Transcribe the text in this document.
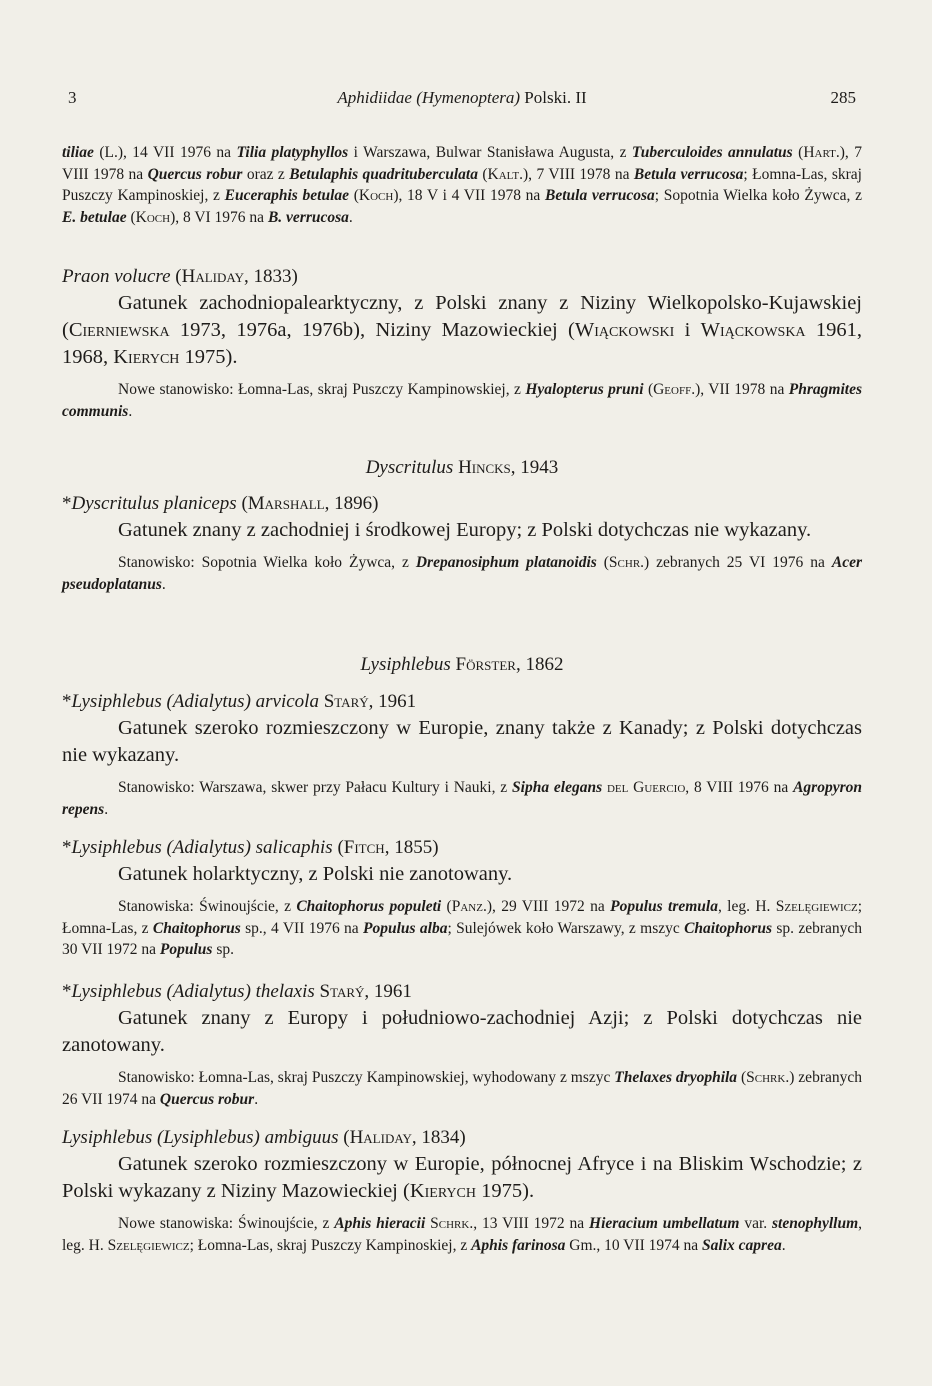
3	Aphidiidae (Hymenoptera) Polski. II	285
tiliae (L.), 14 VII 1976 na Tilia platyphyllos i Warszawa, Bulwar Stanisława Augusta, z Tuberculoides annulatus (Hart.), 7 VIII 1978 na Quercus robur oraz z Betulaphis quadrituberculata (Kalt.), 7 VIII 1978 na Betula verrucosa; Łomna-Las, skraj Puszczy Kampinoskiej, z Euceraphis betulae (Koch), 18 V i 4 VII 1978 na Betula verrucosa; Sopotnia Wielka koło Żywca, z E. betulae (Koch), 8 VI 1976 na B. verrucosa.
Praon volucre (Haliday, 1833)
Gatunek zachodniopalearktyczny, z Polski znany z Niziny Wielkopolsko-Kujawskiej (Cierniewska 1973, 1976a, 1976b), Niziny Mazowieckiej (Wiąckowski i Wiąckowska 1961, 1968, Kierych 1975).
Nowe stanowisko: Łomna-Las, skraj Puszczy Kampinowskiej, z Hyalopterus pruni (Geoff.), VII 1978 na Phragmites communis.
Dyscritulus Hincks, 1943
*Dyscritulus planiceps (Marshall, 1896)
Gatunek znany z zachodniej i środkowej Europy; z Polski dotychczas nie wykazany.
Stanowisko: Sopotnia Wielka koło Żywca, z Drepanosiphum platanoidis (Schr.) zebranych 25 VI 1976 na Acer pseudoplatanus.
Lysiphlebus Förster, 1862
*Lysiphlebus (Adialytus) arvicola Starý, 1961
Gatunek szeroko rozmieszczony w Europie, znany także z Kanady; z Polski dotychczas nie wykazany.
Stanowisko: Warszawa, skwer przy Pałacu Kultury i Nauki, z Sipha elegans del Guercio, 8 VIII 1976 na Agropyron repens.
*Lysiphlebus (Adialytus) salicaphis (Fitch, 1855)
Gatunek holarktyczny, z Polski nie zanotowany.
Stanowiska: Świnoujście, z Chaitophorus populeti (Panz.), 29 VIII 1972 na Populus tremula, leg. H. Szelęgiewicz; Łomna-Las, z Chaitophorus sp., 4 VII 1976 na Populus alba; Sulejówek koło Warszawy, z mszyc Chaitophorus sp. zebranych 30 VII 1972 na Populus sp.
*Lysiphlebus (Adialytus) thelaxis Starý, 1961
Gatunek znany z Europy i południowo-zachodniej Azji; z Polski dotychczas nie zanotowany.
Stanowisko: Łomna-Las, skraj Puszczy Kampinowskiej, wyhodowany z mszyc Thelaxes dryophila (Schrk.) zebranych 26 VII 1974 na Quercus robur.
Lysiphlebus (Lysiphlebus) ambiguus (Haliday, 1834)
Gatunek szeroko rozmieszczony w Europie, północnej Afryce i na Bliskim Wschodzie; z Polski wykazany z Niziny Mazowieckiej (Kierych 1975).
Nowe stanowiska: Świnoujście, z Aphis hieracii Schrk., 13 VIII 1972 na Hieracium umbellatum var. stenophyllum, leg. H. Szelęgiewicz; Łomna-Las, skraj Puszczy Kampinoskiej, z Aphis farinosa Gm., 10 VII 1974 na Salix caprea.
